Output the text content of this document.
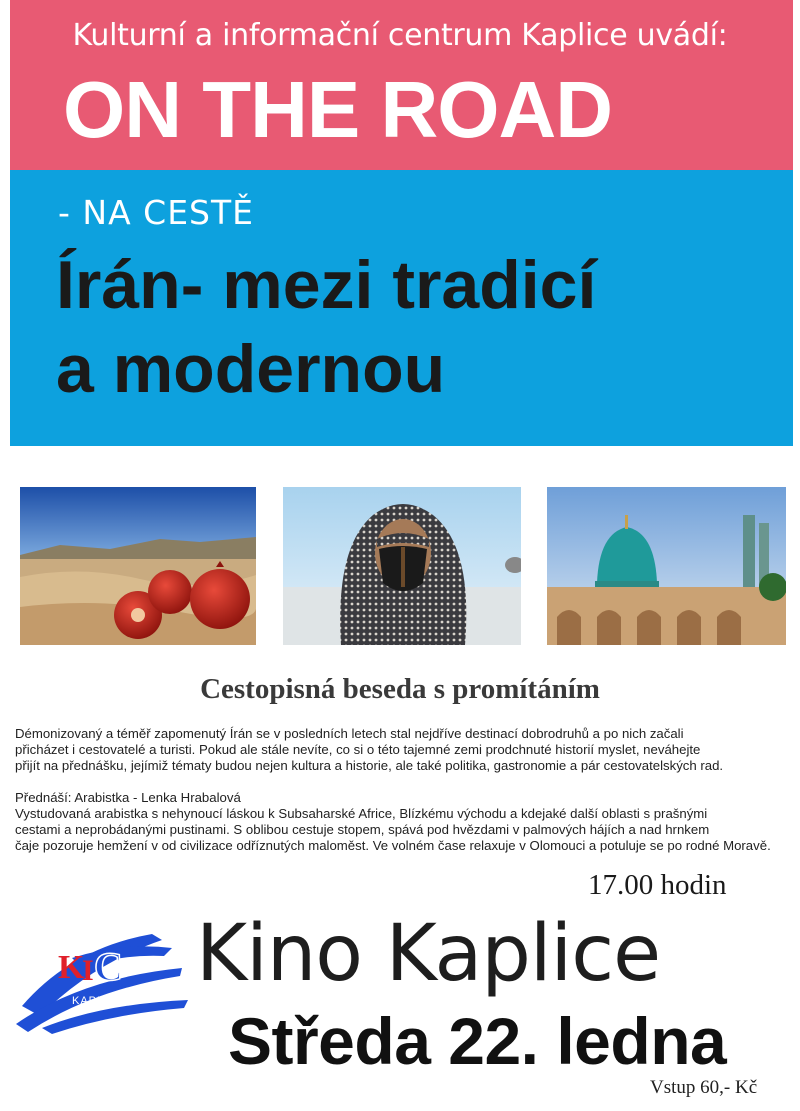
Kulturní a informační centrum Kaplice uvádí:
ON THE ROAD
- NA CESTĚ
Írán- mezi tradicí
a modernou
Cestopisná beseda s promítáním

Démonizovaný a téměř zapomenutý Írán se v posledních letech stal nejdříve destinací dobrodruhů a po nich začali

přicházet i cestovatelé a turisti. Pokud ale stále nevíte, co si o této tajemné zemi prodchnuté historií myslet, neváhejte

přijít na přednášku, jejímiž tématy budou nejen kultura a historie, ale také politika, gastronomie a pár cestovatelských rad.

Přednáší: Arabistka - Lenka Hrabalová

Vystudovaná arabistka s nehynoucí láskou k Subsaharské Africe, Blízkému východu a kdejaké další oblasti s prašnými

cestami a neprobádanými pustinami. S oblibou cestuje stopem, spává pod hvězdami v palmových hájích a nad hrnkem

čaje pozoruje hemžení v od civilizace odříznutých maloměst. Ve volném čase relaxuje v Olomouci a potuluje se po rodné Moravě.

17.00 hodin
K
I C
KAPLICE
Kino Kaplice
Středa 22. ledna
Vstup 60,- Kč
